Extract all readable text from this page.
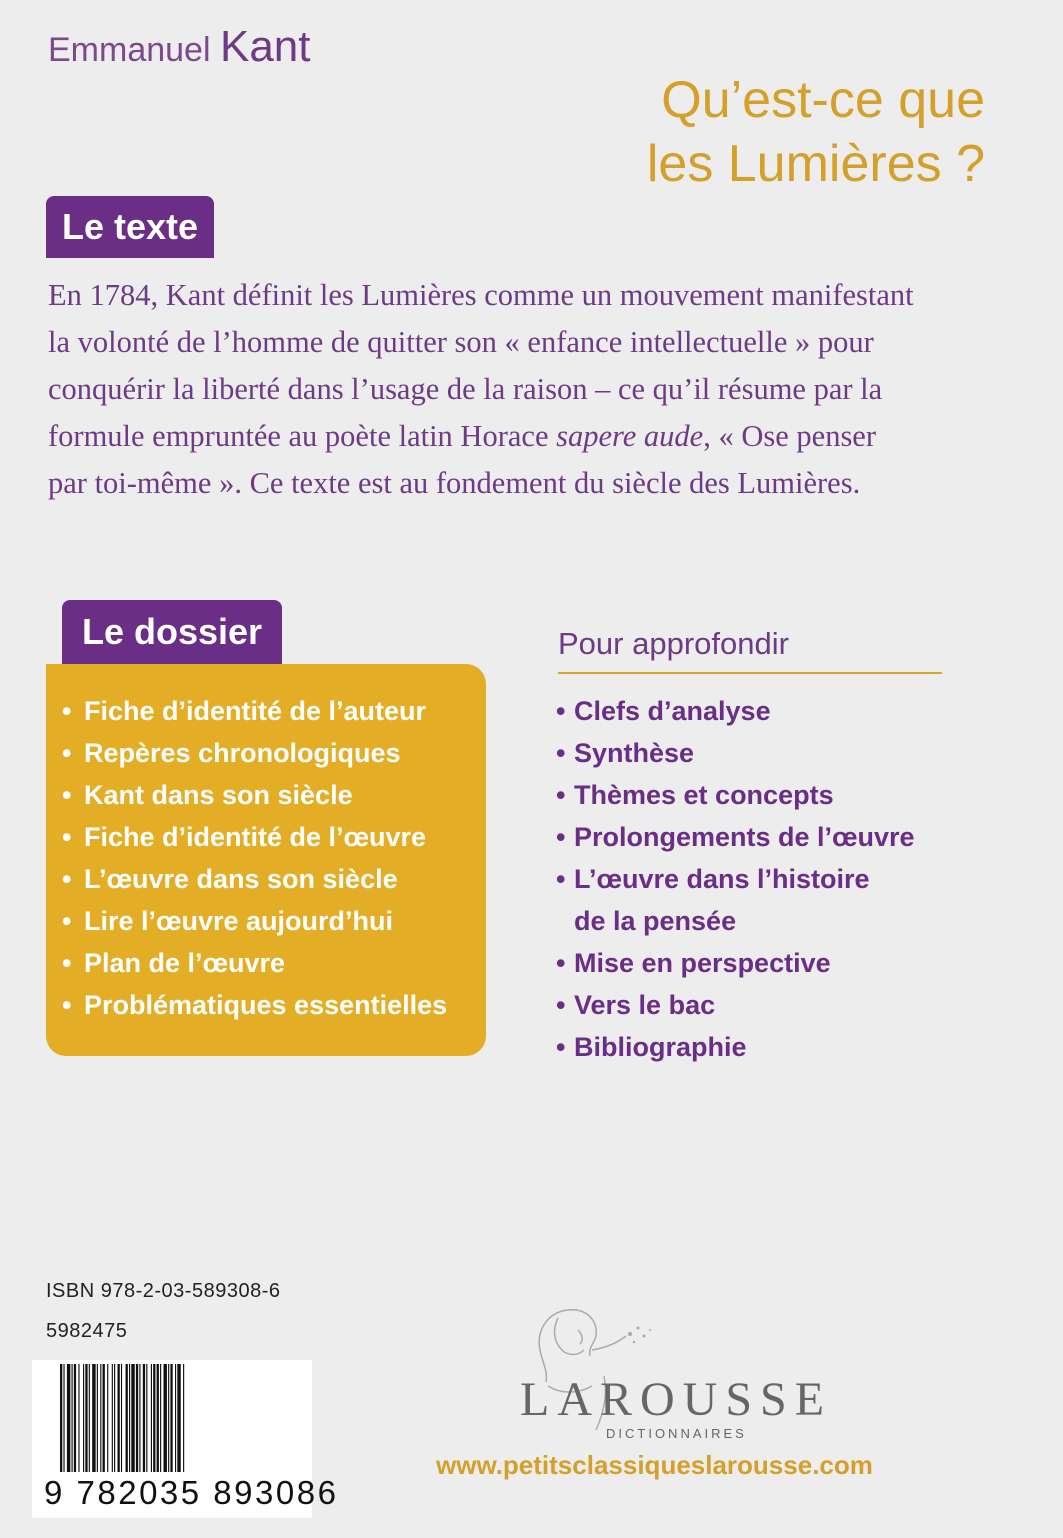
Emmanuel Kant
Qu’est-ce que
les Lumières ?
Le texte
En 1784, Kant définit les Lumières comme un mouvement manifestant
la volonté de l’homme de quitter son « enfance intellectuelle » pour
conquérir la liberté dans l’usage de la raison – ce qu’il résume par la
formule empruntée au poète latin Horace sapere aude, « Ose penser
par toi-même ». Ce texte est au fondement du siècle des Lumières.
Le dossier
• Fiche d’identité de l’auteur
• Repères chronologiques
• Kant dans son siècle
• Fiche d’identité de l’œuvre
• L’œuvre dans son siècle
• Lire l’œuvre aujourd’hui
• Plan de l’œuvre
• Problématiques essentielles
Pour approfondir
• Clefs d’analyse
• Synthèse
• Thèmes et concepts
• Prolongements de l’œuvre
• L’œuvre dans l’histoire
de la pensée
• Mise en perspective
• Vers le bac
• Bibliographie
ISBN 978-2-03-589308-6
5982475
9 782035 893086
LAROUSSE
DICTIONNAIRES
www.petitsclassiqueslarousse.com
